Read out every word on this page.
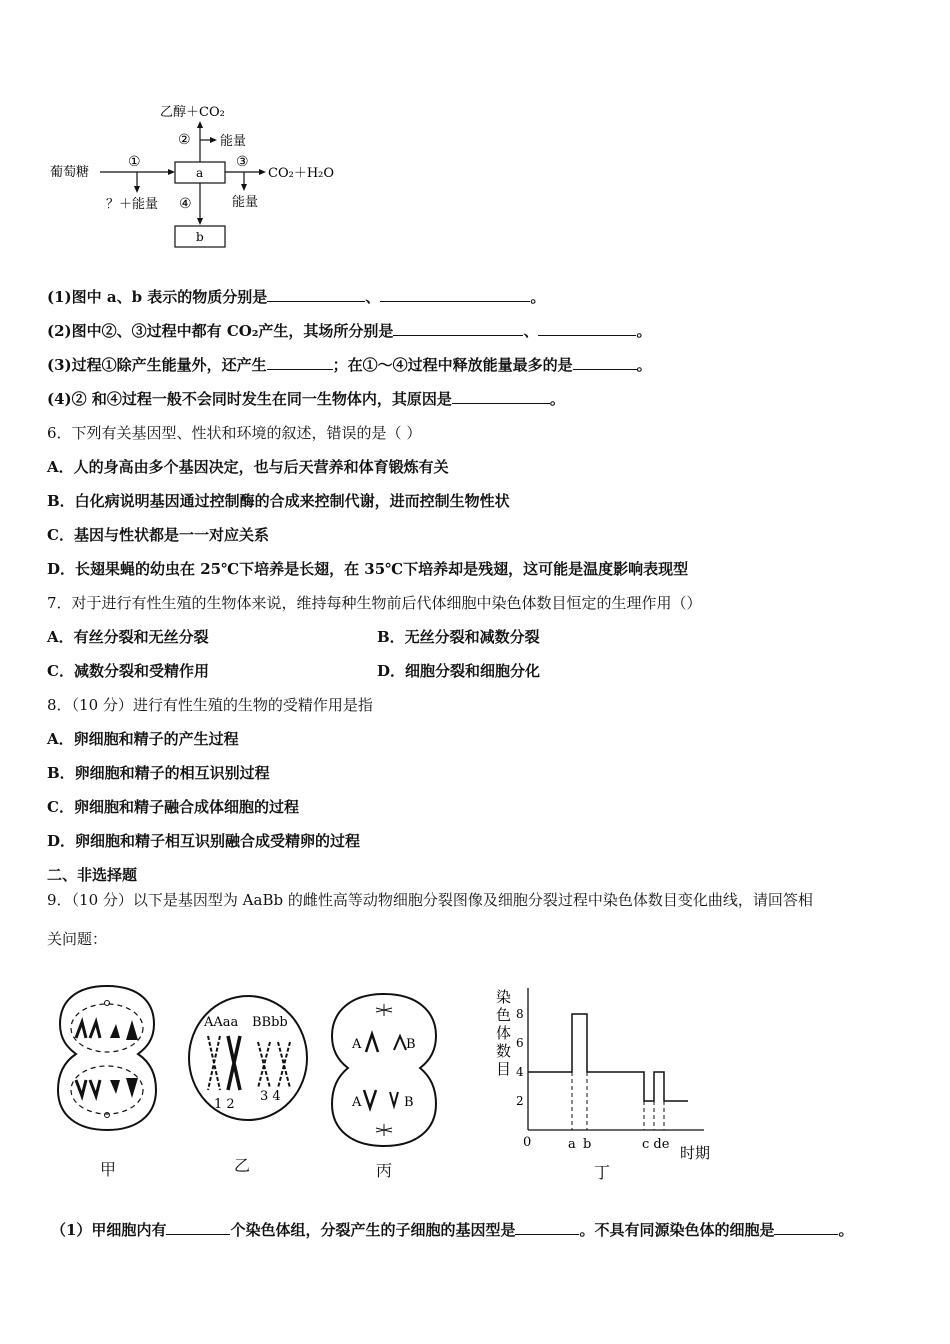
葡萄糖
①
？＋能量
a
乙醇＋CO₂
② 能量
③
CO₂＋H₂O
能量
④
b
(1)图中 a、b 表示的物质分别是	、	。
(2)图中②、③过程中都有 CO₂产生，其场所分别是	、	。
(3)过程①除产生能量外，还产生	；在①～④过程中释放能量最多的是	。
(4)② 和④过程一般不会同时发生在同一生物体内，其原因是	。
6．下列有关基因型、性状和环境的叙述，错误的是（ ）
A．人的身高由多个基因决定，也与后天营养和体育锻炼有关
B．白化病说明基因通过控制酶的合成来控制代谢，进而控制生物性状
C．基因与性状都是一一对应关系
D．长翅果蝇的幼虫在 25℃下培养是长翅，在 35℃下培养却是残翅，这可能是温度影响表现型
7．对于进行有性生殖的生物体来说，维持每种生物前后代体细胞中染色体数目恒定的生理作用（）
A．有丝分裂和无丝分裂	B．无丝分裂和减数分裂
C．减数分裂和受精作用	D．细胞分裂和细胞分化
8．（10 分）进行有性生殖的生物的受精作用是指
A．卵细胞和精子的产生过程
B．卵细胞和精子的相互识别过程
C．卵细胞和精子融合成体细胞的过程
D．卵细胞和精子相互识别融合成受精卵的过程
二、非选择题
9．（10 分）以下是基因型为 AaBb 的雌性高等动物细胞分裂图像及细胞分裂过程中染色体数目变化曲线，请回答相
关问题：
甲
AAaa BBbb
1 2
3 4
乙
A	B
A	B
丙
染
色
体
数
目
2
4
6
8
0	a b	c de 时期
丁
（1）甲细胞内有	个染色体组，分裂产生的子细胞的基因型是	。不具有同源染色体的细胞是	。
